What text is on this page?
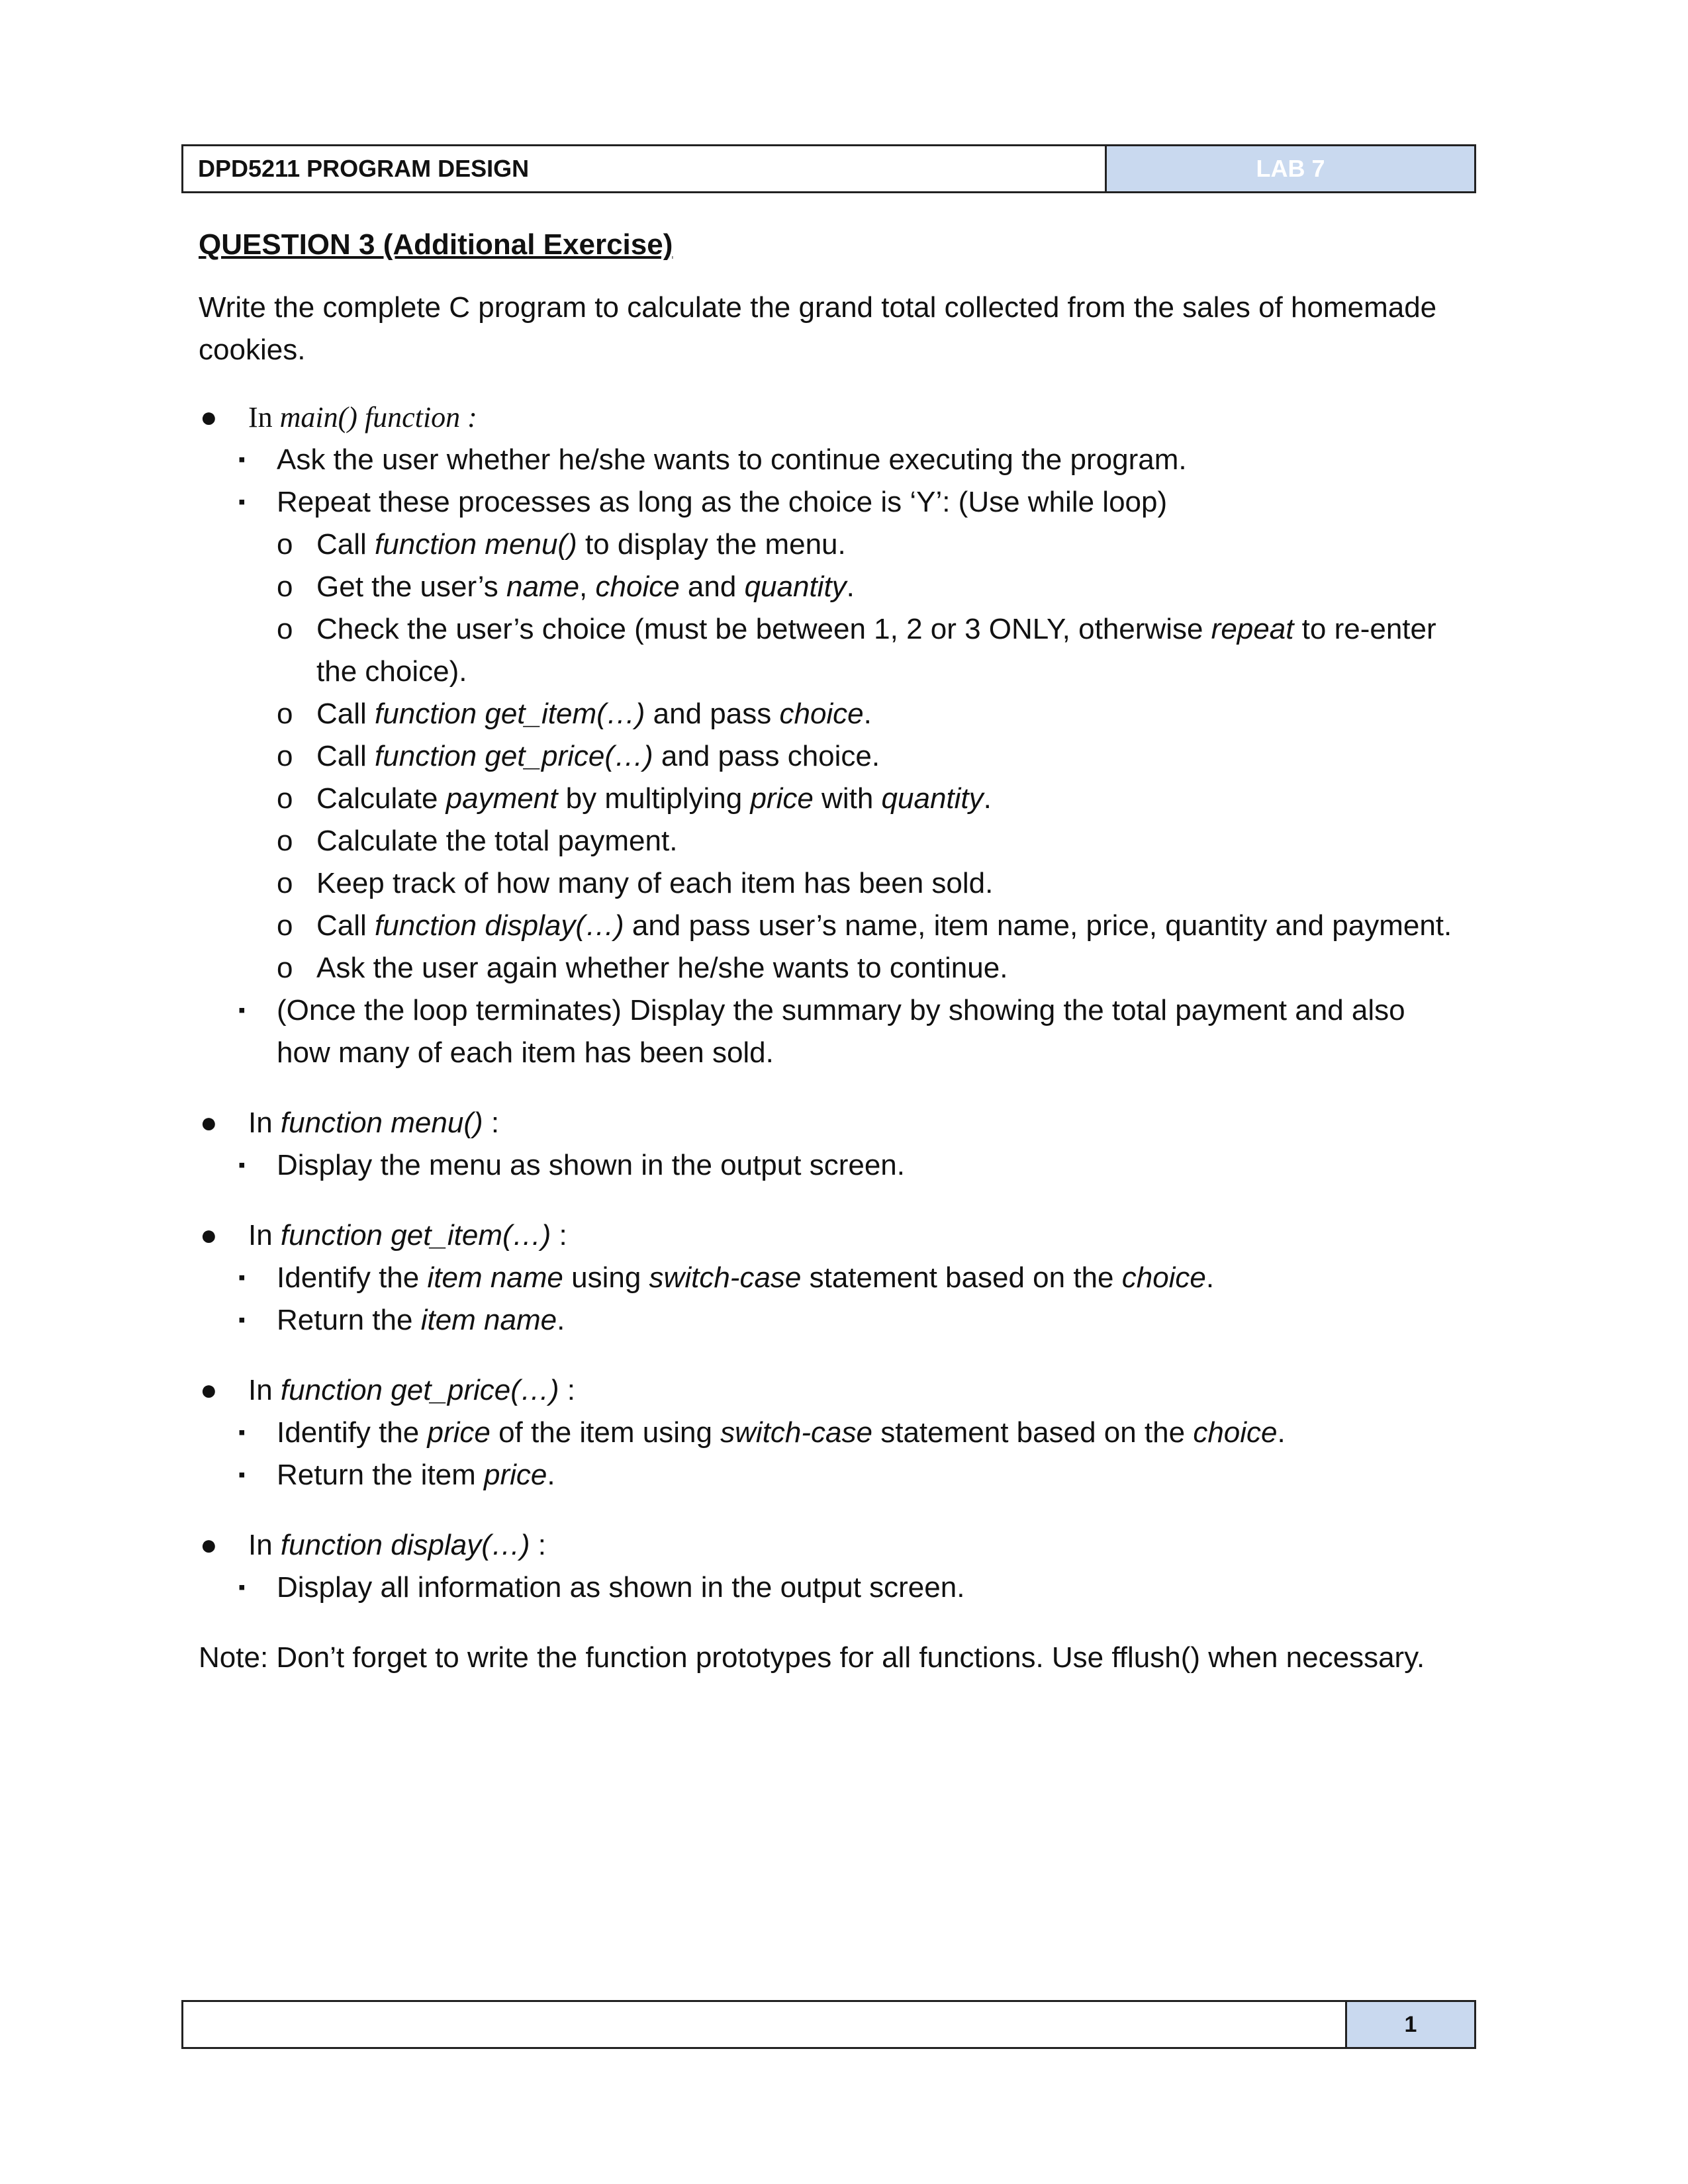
DPD5211 PROGRAM DESIGN	LAB 7

QUESTION 3 (Additional Exercise)

Write the complete C program to calculate the grand total collected from the sales of homemade cookies.

● In main() function :
▪ Ask the user whether he/she wants to continue executing the program.
▪ Repeat these processes as long as the choice is ‘Y’: (Use while loop)
o Call function menu() to display the menu.
o Get the user’s name, choice and quantity.
o Check the user’s choice (must be between 1, 2 or 3 ONLY, otherwise repeat to re-enter the choice).
o Call function get_item(…) and pass choice.
o Call function get_price(…) and pass choice.
o Calculate payment by multiplying price with quantity.
o Calculate the total payment.
o Keep track of how many of each item has been sold.
o Call function display(…) and pass user’s name, item name, price, quantity and payment.
o Ask the user again whether he/she wants to continue.
▪ (Once the loop terminates) Display the summary by showing the total payment and also how many of each item has been sold.
● In function menu() :
▪ Display the menu as shown in the output screen.
● In function get_item(…) :
▪ Identify the item name using switch-case statement based on the choice.
▪ Return the item name.
● In function get_price(…) :
▪ Identify the price of the item using switch-case statement based on the choice.
▪ Return the item price.
● In function display(…) :
▪ Display all information as shown in the output screen.

Note: Don’t forget to write the function prototypes for all functions. Use fflush() when necessary.

1
